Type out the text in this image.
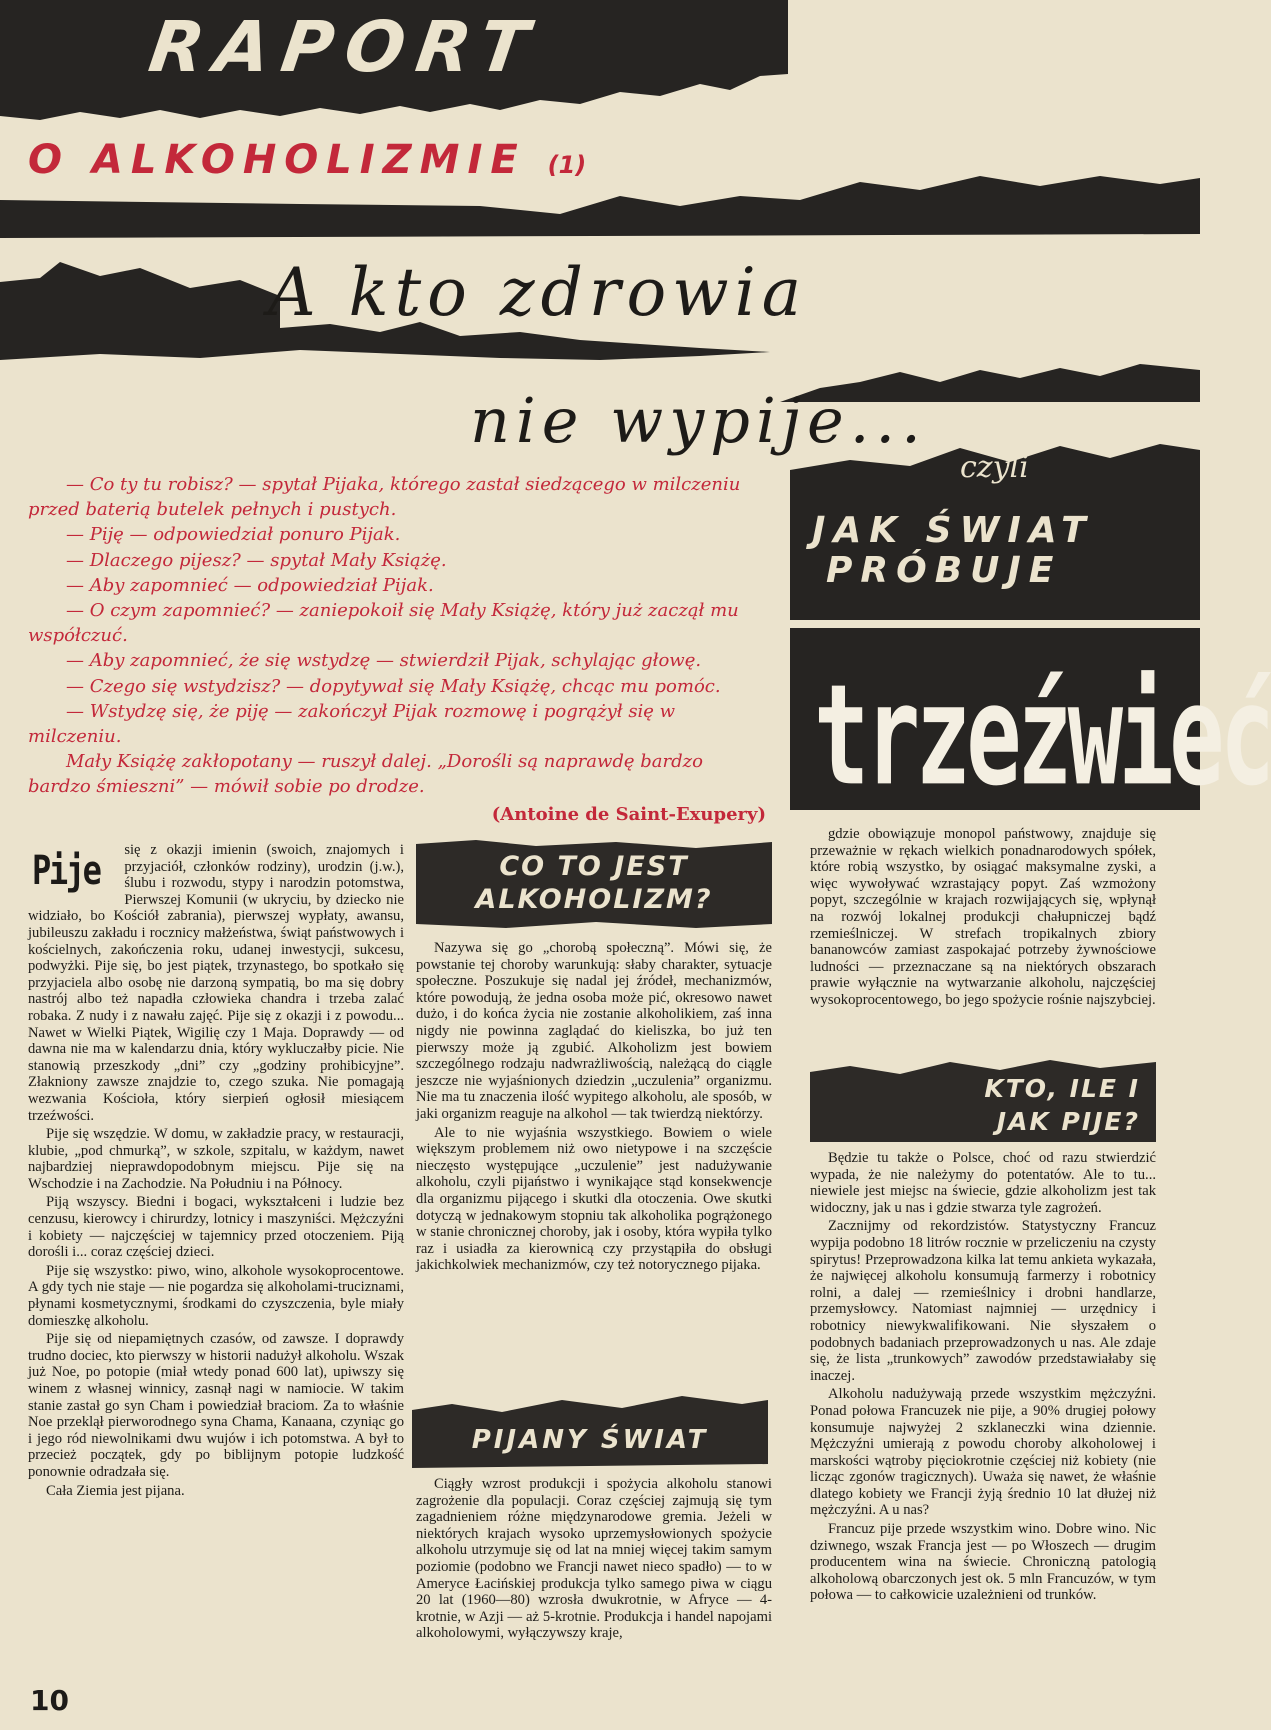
RAPORT
O ALKOHOLIZMIE (1)
A kto zdrowia
nie wypije...
czyli
JAK ŚWIAT
PRÓBUJE
trzeźwieć

— Co ty tu robisz? — spytał Pijaka, którego zastał siedzącego w milczeniu przed baterią butelek pełnych i pustych.

— Piję — odpowiedział ponuro Pijak.

— Dlaczego pijesz? — spytał Mały Książę.

— Aby zapomnieć — odpowiedział Pijak.

— O czym zapomnieć? — zaniepokoił się Mały Książę, który już zaczął mu współczuć.

— Aby zapomnieć, że się wstydzę — stwierdził Pijak, schylając głowę.

— Czego się wstydzisz? — dopytywał się Mały Książę, chcąc mu pomóc.

— Wstydzę się, że piję — zakończył Pijak rozmowę i pogrążył się w milczeniu.

Mały Książę zakłopotany — ruszył dalej. „Dorośli są naprawdę bardzo bardzo śmieszni” — mówił sobie po drodze.

(Antoine de Saint-Exupery)
Pije	się z okazji imienin (swoich, znajomych i przyjaciół, członków rodziny), urodzin (j.w.), ślubu i rozwodu, stypy i narodzin potomstwa, Pierwszej Komunii (w ukryciu, by dziecko nie widziało, bo Kościół zabrania), pierwszej wypłaty, awansu, jubileuszu zakładu i rocznicy małżeństwa, świąt państwowych i kościelnych, zakończenia roku, udanej inwestycji, sukcesu, podwyżki. Pije się, bo jest piątek, trzynastego, bo spotkało się przyjaciela albo osobę nie darzoną sympatią, bo ma się dobry nastrój albo też napadła człowieka chandra i trzeba zalać robaka. Z nudy i z nawału zajęć. Pije się z okazji i z powodu... Nawet w Wielki Piątek, Wigilię czy 1 Maja. Doprawdy — od dawna nie ma w kalendarzu dnia, który wykluczałby picie. Nie stanowią przeszkody „dni” czy „godziny prohibicyjne”. Złaknіony zawsze znajdzie to, czego szuka. Nie pomagają wezwania Kościoła, który sierpień ogłosił miesiącem trzeźwości.

Pije się wszędzie. W domu, w zakładzie pracy, w restauracji, klubie, „pod chmurką”, w szkole, szpitalu, w każdym, nawet najbardziej nieprawdopodobnym miejscu. Pije się na Wschodzie i na Zachodzie. Na Południu i na Północy.

Piją wszyscy. Biedni i bogaci, wykształceni i ludzie bez cenzusu, kierowcy i chirurdzy, lotnicy i maszyniści. Mężczyźni i kobiety — najczęściej w tajemnicy przed otoczeniem. Piją dorośli i... coraz częściej dzieci.

Pije się wszystko: piwo, wino, alkohole wysokoprocentowe. A gdy tych nie staje — nie pogardza się alkoholami-truciznami, płynami kosmetycznymi, środkami do czyszczenia, byle miały domieszkę alkoholu.

Pije się od niepamiętnych czasów, od zawsze. I doprawdy trudno dociec, kto pierwszy w historii nadużył alkoholu. Wszak już Noe, po potopie (miał wtedy ponad 600 lat), upiwszy się winem z własnej winnicy, zasnął nagi w namiocie. W takim stanie zastał go syn Cham i powiedział braciom. Za to właśnie Noe przeklął pierworodnego syna Chama, Kanaana, czyniąc go i jego ród niewolnikami dwu wujów i ich potomstwa. A był to przecież początek, gdy po biblijnym potopie ludzkość ponownie odradzała się.

Cała Ziemia jest pijana.

CO TO JEST ALKOHOLIZM?

Nazywa się go „chorobą społeczną”. Mówi się, że powstanie tej choroby warunkują: słaby charakter, sytuacje społeczne. Poszukuje się nadal jej źródeł, mechanizmów, które powodują, że jedna osoba może pić, okresowo nawet dużo, i do końca życia nie zostanie alkoholikiem, zaś inna nigdy nie powinna zaglądać do kieliszka, bo już ten pierwszy może ją zgubić. Alkoholizm jest bowiem szczególnego rodzaju nadwrażliwością, należącą do ciągle jeszcze nie wyjaśnionych dziedzin „uczulenia” organizmu. Nie ma tu znaczenia ilość wypitego alkoholu, ale sposób, w jaki organizm reaguje na alkohol — tak twierdzą niektórzy.

Ale to nie wyjaśnia wszystkiego. Bowiem o wiele większym problemem niż owo nietypowe i na szczęście nieczęsto występujące „uczulenie” jest nadużywanie alkoholu, czyli pijaństwo i wynikające stąd konsekwencje dla organizmu pijącego i skutki dla otoczenia. Owe skutki dotyczą w jednakowym stopniu tak alkoholika pogrążonego w stanie chronicznej choroby, jak i osoby, która wypiła tylko raz i usiadła za kierownicą czy przystąpiła do obsługi jakichkolwiek mechanizmów, czy też notorycznego pijaka.

PIJANY ŚWIAT

Ciągły wzrost produkcji i spożycia alkoholu stanowi zagrożenie dla populacji. Coraz częściej zajmują się tym zagadnieniem różne międzynarodowe gremia. Jeżeli w niektórych krajach wysoko uprzemysłowionych spożycie alkoholu utrzymuje się od lat na mniej więcej takim samym poziomie (podobno we Francji nawet nieco spadło) — to w Ameryce Łacińskiej produkcja tylko samego piwa w ciągu 20 lat (1960—80) wzrosła dwukrotnie, w Afryce — 4-krotnie, w Azji — aż 5-krotnie. Produkcja i handel napojami alkoholowymi, wyłączywszy kraje,

gdzie obowiązuje monopol państwowy, znajduje się przeważnie w rękach wielkich ponadnarodowych spółek, które robią wszystko, by osiągać maksymalne zyski, a więc wywoływać wzrastający popyt. Zaś wzmożony popyt, szczególnie w krajach rozwijających się, wpłynął na rozwój lokalnej produkcji chałupniczej bądź rzemieślniczej. W strefach tropikalnych zbiory bananowców zamiast zaspokajać potrzeby żywnościowe ludności — przeznaczane są na niektórych obszarach prawie wyłącznie na wytwarzanie alkoholu, najczęściej wysokoprocentowego, bo jego spożycie rośnie najszybciej.

KTO, ILE I JAK PIJE?

Będzie tu także o Polsce, choć od razu stwierdzić wypada, że nie należymy do potentatów. Ale to tu... niewiele jest miejsc na świecie, gdzie alkoholizm jest tak widoczny, jak u nas i gdzie stwarza tyle zagrożeń.

Zacznijmy od rekordzistów. Statystyczny Francuz wypija podobno 18 litrów rocznie w przeliczeniu na czysty spirytus! Przeprowadzona kilka lat temu ankieta wykazała, że najwięcej alkoholu konsumują farmerzy i robotnicy rolni, a dalej — rzemieślnicy i drobni handlarze, przemysłowcy. Natomiast najmniej — urzędnicy i robotnicy niewykwalifikowani. Nie słyszałem o podobnych badaniach przeprowadzonych u nas. Ale zdaje się, że lista „trunkowych” zawodów przedstawiałaby się inaczej.

Alkoholu nadużywają przede wszystkim mężczyźni. Ponad połowa Francuzek nie pije, a 90% drugiej połowy konsumuje najwyżej 2 szklaneczki wina dziennie. Mężczyźni umierają z powodu choroby alkoholowej i marskości wątroby pięciokrotnie częściej niż kobiety (nie licząc zgonów tragicznych). Uważa się nawet, że właśnie dlatego kobiety we Francji żyją średnio 10 lat dłużej niż mężczyźni. A u nas?

Francuz pije przede wszystkim wino. Dobre wino. Nic dziwnego, wszak Francja jest — po Włoszech — drugim producentem wina na świecie. Chroniczną patologią alkoholową obarczonych jest ok. 5 mln Francuzów, w tym połowa — to całkowicie uzależnieni od trunków.

10
